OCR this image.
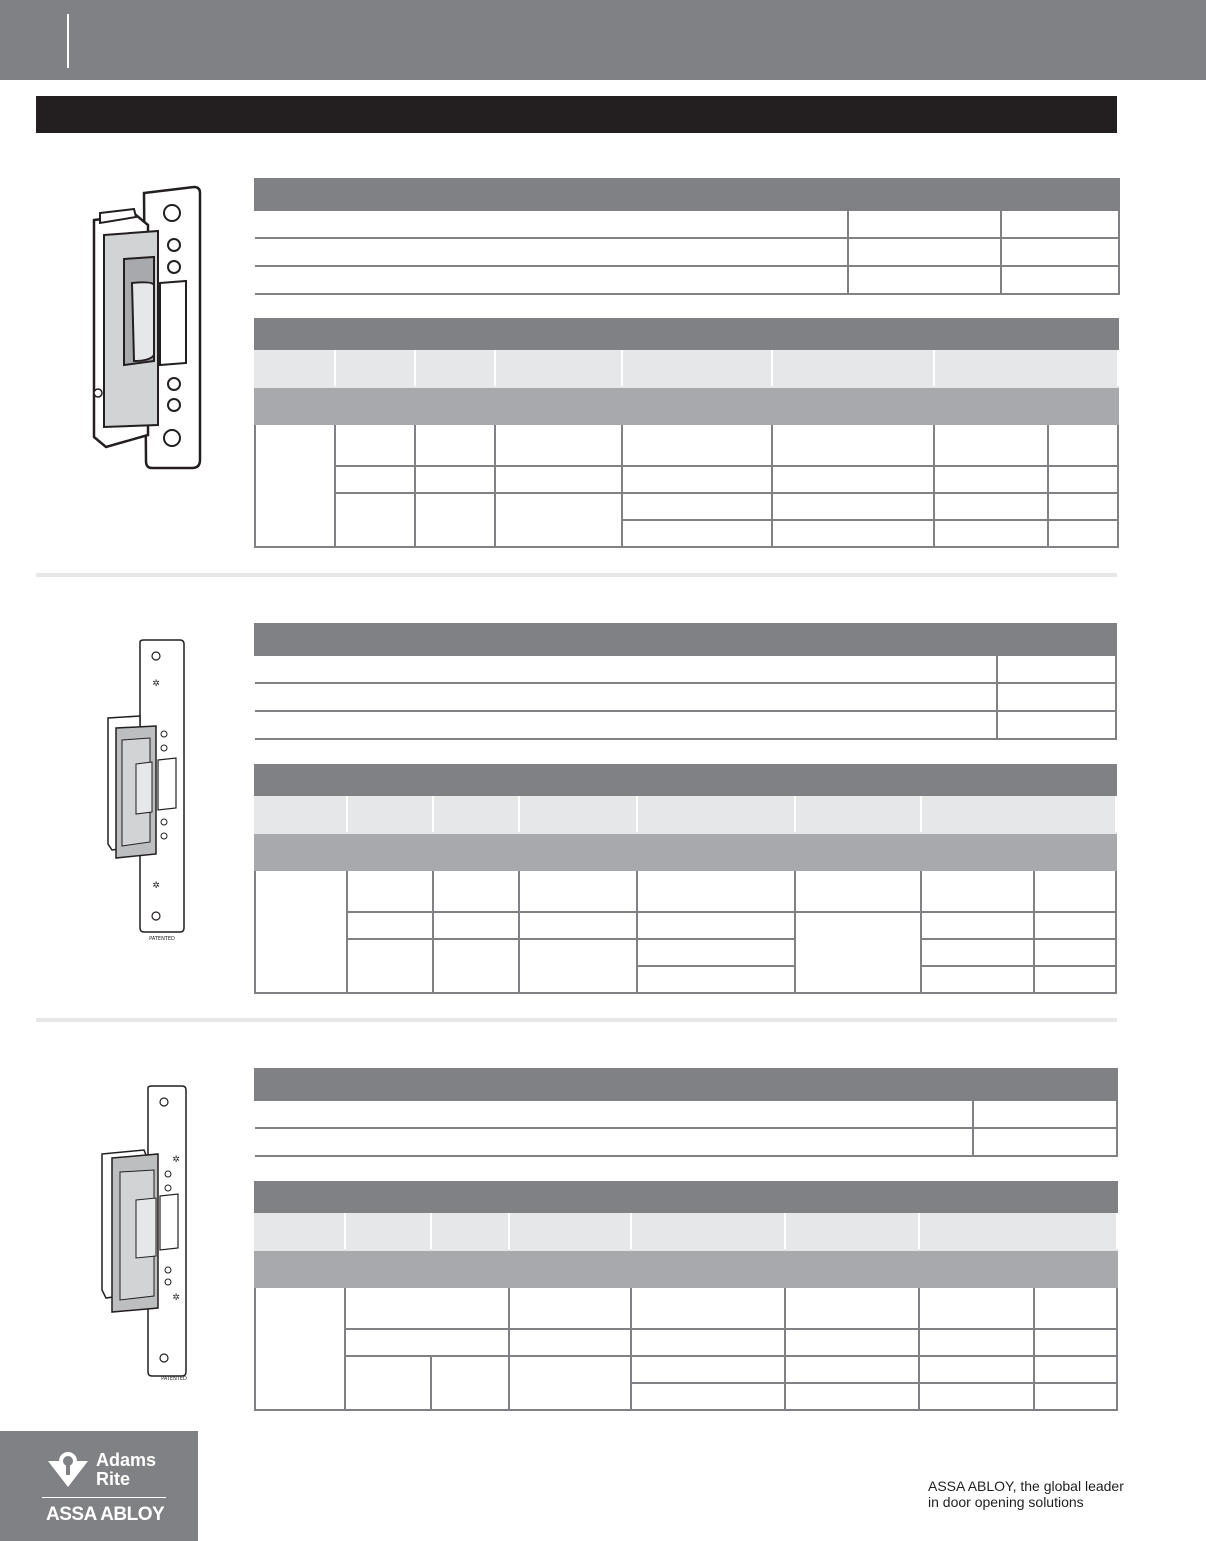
✲
✲
PATENTED

✲
✲
PATENTED

Adams
Rite
ASSA ABLOY
ASSA ABLOY, the global leader
in door opening solutions
